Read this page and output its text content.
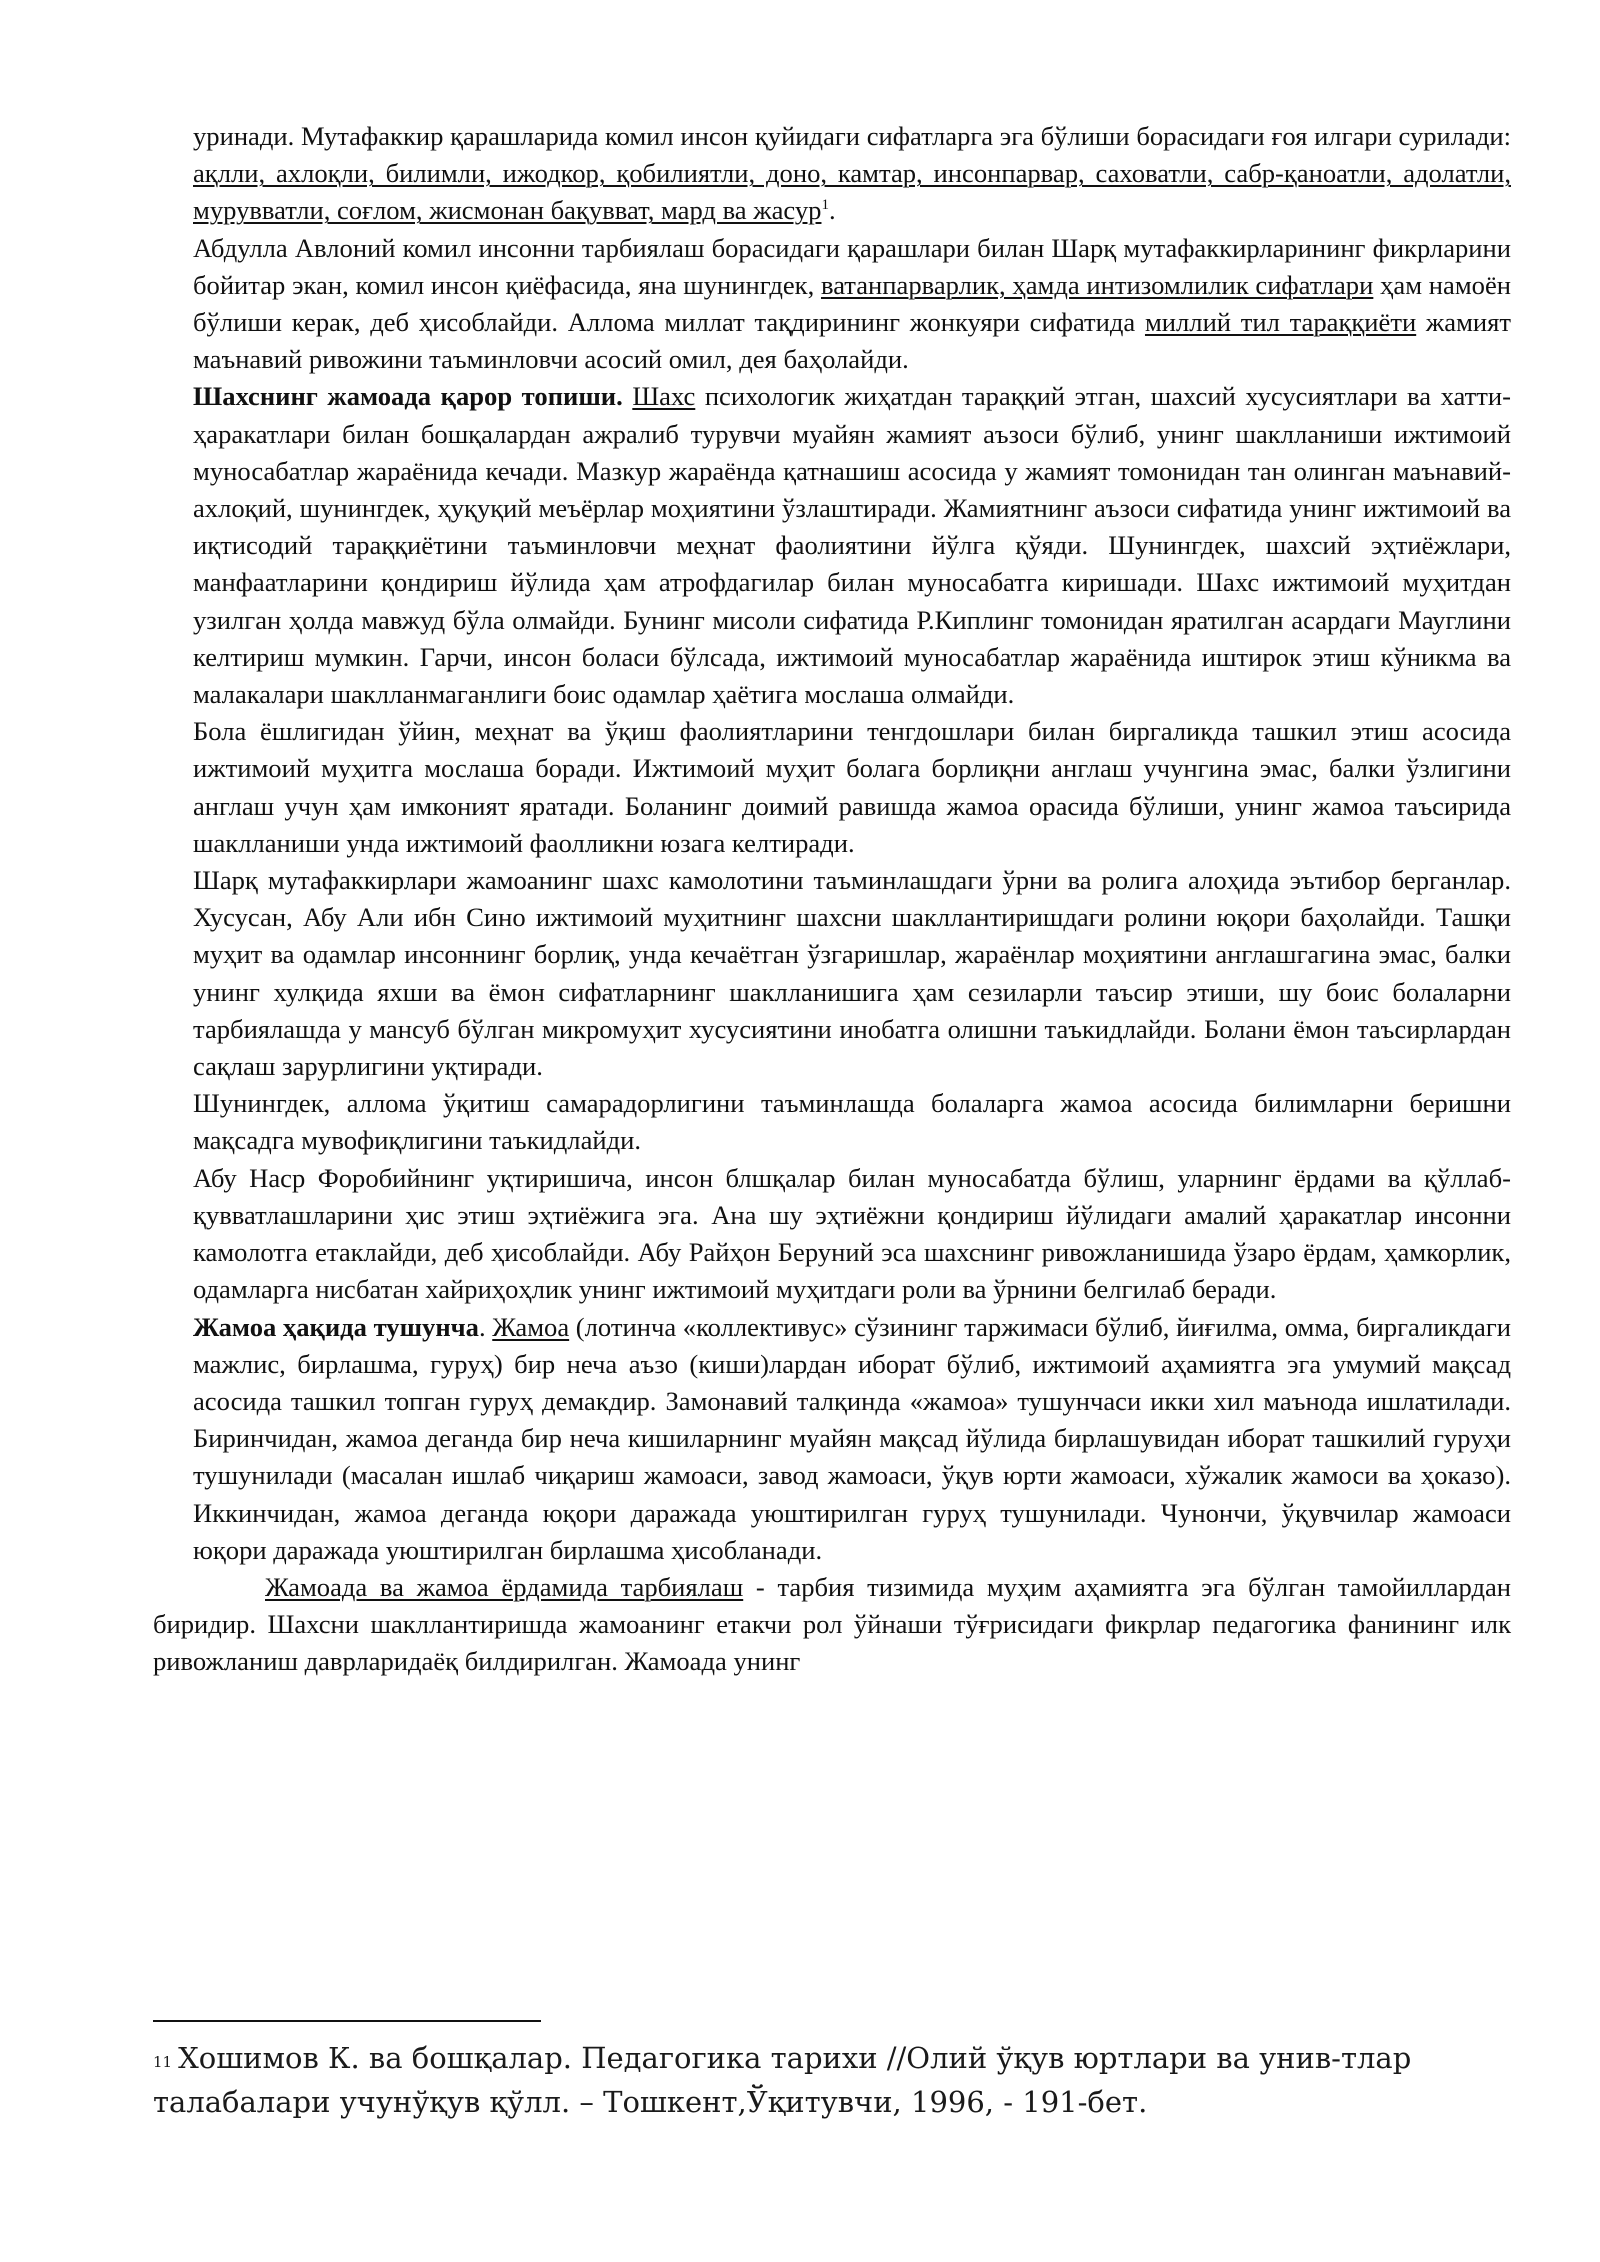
уринади. Мутафаккир қарашларида комил инсон қуйидаги сифатларга эга бўлиши борасидаги ғоя илгари сурилади: ақлли, ахлоқли, билимли, ижодкор, қобилиятли, доно, камтар, инсонпарвар, саховатли, сабр-қаноатли, адолатли, мурувватли, соғлом, жисмонан бақувват, мард ва жасур$^1$.

Абдулла Авлоний комил инсонни тарбиялаш борасидаги қарашлари билан Шарқ мутафаккирларининг фикрларини бойитар экан, комил инсон қиёфасида, яна шунингдек, ватанпарварлик, ҳамда интизомлилик сифатлари ҳам намоён бўлиши керак, деб ҳисоблайди. Аллома миллат тақдирининг жонкуяри сифатида миллий тил тараққиёти жамият маънавий ривожини таъминловчи асосий омил, дея баҳолайди.

Шахснинг жамоада қарор топиши. Шахс психологик жиҳатдан тараққий этган, шахсий хусусиятлари ва хатти-ҳаракатлари билан бошқалардан ажралиб турувчи муайян жамият аъзоси бўлиб, унинг шаклланиши ижтимоий муносабатлар жараёнида кечади. Мазкур жараёнда қатнашиш асосида у жамият томонидан тан олинган маънавий-ахлоқий, шунингдек, ҳуқуқий меъёрлар моҳиятини ўзлаштиради. Жамиятнинг аъзоси сифатида унинг ижтимоий ва иқтисодий тараққиётини таъминловчи меҳнат фаолиятини йўлга қўяди. Шунингдек, шахсий эҳтиёжлари, манфаатларини қондириш йўлида ҳам атрофдагилар билан муносабатга киришади. Шахс ижтимоий муҳитдан узилган ҳолда мавжуд бўла олмайди. Бунинг мисоли сифатида Р.Киплинг томонидан яратилган асардаги Мауглини келтириш мумкин. Гарчи, инсон боласи бўлсада, ижтимоий муносабатлар жараёнида иштирок этиш кўникма ва малакалари шаклланмаганлиги боис одамлар ҳаётига мослаша олмайди.

Бола ёшлигидан ўйин, меҳнат ва ўқиш фаолиятларини тенгдошлари билан биргаликда ташкил этиш асосида ижтимоий муҳитга мослаша боради. Ижтимоий муҳит болага борлиқни англаш учунгина эмас, балки ўзлигини англаш учун ҳам имконият яратади. Боланинг доимий равишда жамоа орасида бўлиши, унинг жамоа таъсирида шаклланиши унда ижтимоий фаолликни юзага келтиради.

Шарқ мутафаккирлари жамоанинг шахс камолотини таъминлашдаги ўрни ва ролига алоҳида эътибор берганлар. Хусусан, Абу Али ибн Сино ижтимоий муҳитнинг шахсни шакллантиришдаги ролини юқори баҳолайди. Ташқи муҳит ва одамлар инсоннинг борлиқ, унда кечаётган ўзгаришлар, жараёнлар моҳиятини англашгагина эмас, балки унинг хулқида яхши ва ёмон сифатларнинг шаклланишига ҳам сезиларли таъсир этиши, шу боис болаларни тарбиялашда у мансуб бўлган микромуҳит хусусиятини инобатга олишни таъкидлайди. Болани ёмон таъсирлардан сақлаш зарурлигини уқтиради.

Шунингдек, аллома ўқитиш самарадорлигини таъминлашда болаларга жамоа асосида билимларни беришни мақсадга мувофиқлигини таъкидлайди.

Абу Наср Форобийнинг уқтиришича, инсон блшқалар билан муносабатда бўлиш, уларнинг ёрдами ва қўллаб-қувватлашларини ҳис этиш эҳтиёжига эга. Ана шу эҳтиёжни қондириш йўлидаги амалий ҳаракатлар инсонни камолотга етаклайди, деб ҳисоблайди. Абу Райҳон Беруний эса шахснинг ривожланишида ўзаро ёрдам, ҳамкорлик, одамларга нисбатан хайриҳоҳлик унинг ижтимоий муҳитдаги роли ва ўрнини белгилаб беради.

Жамоа ҳақида тушунча. Жамоа (лотинча «коллективус» сўзининг таржимаси бўлиб, йиғилма, омма, биргаликдаги мажлис, бирлашма, гуруҳ) бир неча аъзо (киши)лардан иборат бўлиб, ижтимоий аҳамиятга эга умумий мақсад асосида ташкил топган гуруҳ демакдир. Замонавий талқинда «жамоа» тушунчаси икки хил маънода ишлатилади. Биринчидан, жамоа деганда бир неча кишиларнинг муайян мақсад йўлида бирлашувидан иборат ташкилий гуруҳи тушунилади (масалан ишлаб чиқариш жамоаси, завод жамоаси, ўқув юрти жамоаси, хўжалик жамоси ва ҳоказо). Иккинчидан, жамоа деганда юқори даражада уюштирилган гуруҳ тушунилади. Чунончи, ўқувчилар жамоаси юқори даражада уюштирилган бирлашма ҳисобланади.

Жамоада ва жамоа ёрдамида тарбиялаш - тарбия тизимида муҳим аҳамиятга эга бўлган тамойиллардан биридир. Шахсни шакллантиришда жамоанинг етакчи рол ўйнаши тўғрисидаги фикрлар педагогика фанининг илк ривожланиш даврларидаёқ билдирилган. Жамоада унинг

$^{11}$ Хошимов К. ва бошқалар. Педагогика тарихи //Олий ўқув юртлари ва унив-тлар талабалари учунўқув қўлл. – Тошкент,Ўқитувчи, 1996, - 191-бет.
